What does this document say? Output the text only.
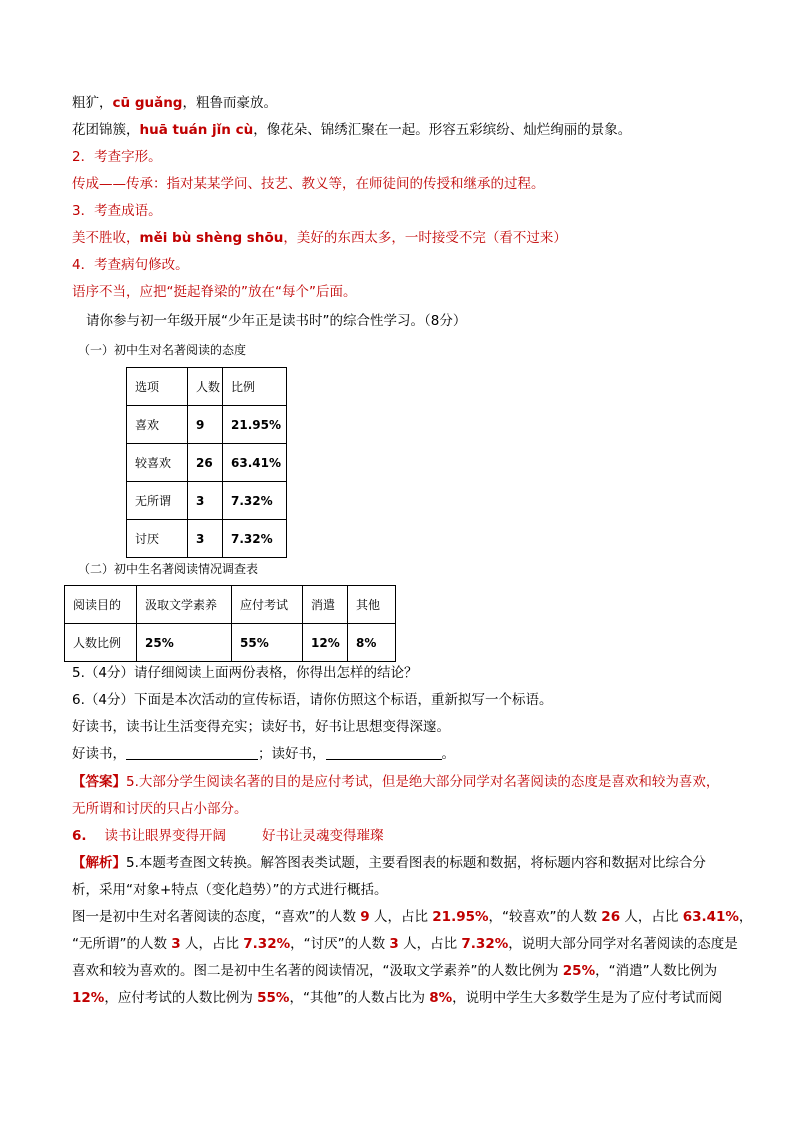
粗犷，cū guǎng，粗鲁而豪放。
花团锦簇，huā tuán jǐn cù，像花朵、锦绣汇聚在一起。形容五彩缤纷、灿烂绚丽的景象。
2．考查字形。
传成——传承：指对某某学问、技艺、教义等，在师徒间的传授和继承的过程。
3．考查成语。
美不胜收，měi bù shèng shōu，美好的东西太多，一时接受不完（看不过来）
4．考查病句修改。
语序不当，应把“挺起脊梁的”放在“每个”后面。
请你参与初一年级开展“少年正是读书时”的综合性学习。（8分）
（一）初中生对名著阅读的态度
选项	人数	比例
喜欢	9	21.95%
较喜欢	26	63.41%
无所谓	3	7.32%
讨厌	3	7.32%
（二）初中生名著阅读情况调查表
阅读目的	汲取文学素养	应付考试	消遣	其他
人数比例	25%	55%	12%	8%
5.（4分）请仔细阅读上面两份表格，你得出怎样的结论？
6.（4分）下面是本次活动的宣传标语，请你仿照这个标语，重新拟写一个标语。
好读书，读书让生活变得充实；读好书，好书让思想变得深邃。
好读书，	；读好书，	。
【答案】5.大部分学生阅读名著的目的是应付考试，但是绝大部分同学对名著阅读的态度是喜欢和较为喜欢，
无所谓和讨厌的只占小部分。
6. 读书让眼界变得开阔	好书让灵魂变得璀璨
【解析】5.本题考查图文转换。解答图表类试题，主要看图表的标题和数据，将标题内容和数据对比综合分
析，采用“对象+特点（变化趋势）”的方式进行概括。
图一是初中生对名著阅读的态度，“喜欢”的人数 9 人，占比 21.95%，“较喜欢”的人数 26 人，占比 63.41%，
“无所谓”的人数 3 人，占比 7.32%，“讨厌”的人数 3 人，占比 7.32%，说明大部分同学对名著阅读的态度是
喜欢和较为喜欢的。图二是初中生名著的阅读情况，“汲取文学素养”的人数比例为 25%，“消遣”人数比例为
12%，应付考试的人数比例为 55%，“其他”的人数占比为 8%，说明中学生大多数学生是为了应付考试而阅
